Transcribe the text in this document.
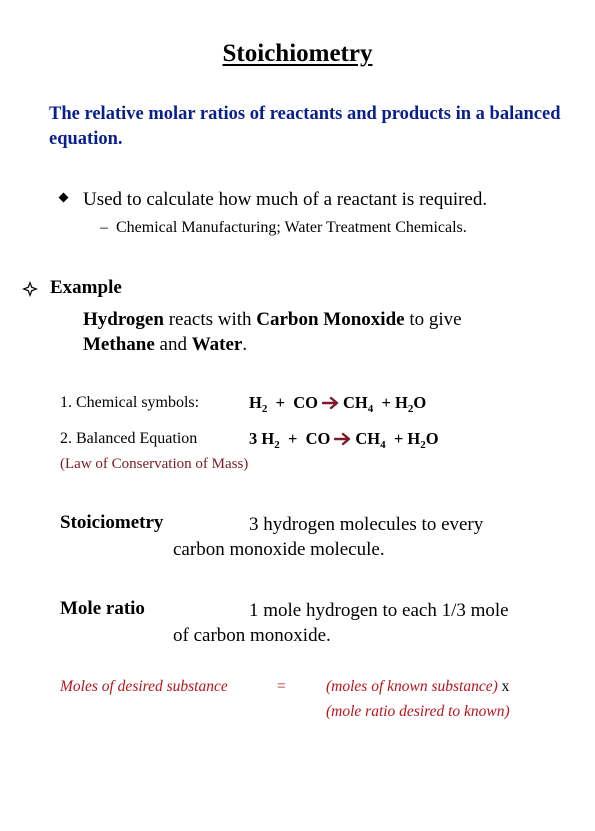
Stoichiometry
The relative molar ratios of reactants and products in a balanced equation.
Used to calculate how much of a reactant is required.
– Chemical Manufacturing; Water Treatment Chemicals.
Example
Hydrogen reacts with Carbon Monoxide to give
Methane and Water.
1. Chemical symbols:	$H_2$ + CO $CH_4 + H_2O$
2. Balanced Equation	3 $H_2$ + CO $CH_4 + H_2O$
(Law of Conservation of Mass)
Stoiciometry	3 hydrogen molecules to every
carbon monoxide molecule.
Mole ratio	1 mole hydrogen to each 1/3 mole
of carbon monoxide.
Moles of desired substance	=	(moles of known substance) x
(mole ratio desired to known)
